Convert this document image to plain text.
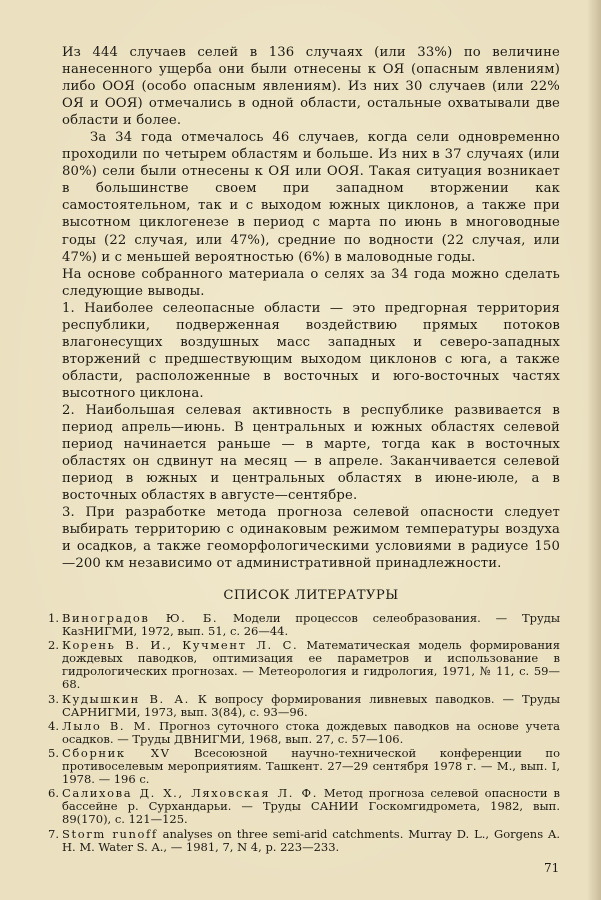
Из 444 случаев селей в 136 случаях (или 33%) по величине нанесенного ущерба они были отнесены к ОЯ (опасным явлениям) либо ООЯ (особо опасным явлениям). Из них 30 случаев (или 22% ОЯ и ООЯ) отмечались в одной области, остальные охватывали две области и более.

За 34 года отмечалось 46 случаев, когда сели одновременно проходили по четырем областям и больше. Из них в 37 случаях (или 80%) сели были отнесены к ОЯ или ООЯ. Такая ситуация возникает в большинстве своем при западном вторжении как самостоятельном, так и с выходом южных циклонов, а также при высотном циклогенезе в период с марта по июнь в многоводные годы (22 случая, или 47%), средние по водности (22 случая, или 47%) и с меньшей вероятностью (6%) в маловодные годы.

На основе собранного материала о селях за 34 года можно сделать следующие выводы.

1. Наиболее селеопасные области — это предгорная территория республики, подверженная воздействию прямых потоков влагонесущих воздушных масс западных и северо-западных вторжений с предшествующим выходом циклонов с юга, а также области, расположенные в восточных и юго-восточных частях высотного циклона.

2. Наибольшая селевая активность в республике развивается в период апрель—июнь. В центральных и южных областях селевой период начинается раньше — в марте, тогда как в восточных областях он сдвинут на месяц — в апреле. Заканчивается селевой период в южных и центральных областях в июне-июле, а в восточных областях в августе—сентябре.

3. При разработке метода прогноза селевой опасности следует выбирать территорию с одинаковым режимом температуры воздуха и осадков, а также геоморфологическими условиями в радиусе 150—200 км независимо от административной принадлежности.

СПИСОК ЛИТЕРАТУРЫ
1. Виноградов Ю. Б. Модели процессов селеобразования. — Труды КазНИГМИ, 1972, вып. 51, с. 26—44.
2. Корень В. И., Кучмент Л. С. Математическая модель формирования дождевых паводков, оптимизация ее параметров и использование в гидрологических прогнозах. — Метеорология и гидрология, 1971, № 11, с. 59—68.
3. Кудышкин В. А. К вопросу формирования ливневых паводков. — Труды САРНИГМИ, 1973, вып. 3(84), с. 93—96.
4. Лыло В. М. Прогноз суточного стока дождевых паводков на основе учета осадков. — Труды ДВНИГМИ, 1968, вып. 27, с. 57—106.
5. Сборник XV Всесоюзной научно-технической конференции по противоселевым мероприятиям. Ташкент. 27—29 сентября 1978 г. — М., вып. I, 1978. — 196 с.
6. Салихова Д. Х., Ляховская Л. Ф. Метод прогноза селевой опасности в бассейне р. Сурхандарьи. — Труды САНИИ Госкомгидромета, 1982, вып. 89(170), с. 121—125.
7. Storm runoff analyses on three semi-arid catchments. Murray D. L., Gorgens A. H. M. Water S. A., — 1981, 7, N 4, p. 223—233.
71
